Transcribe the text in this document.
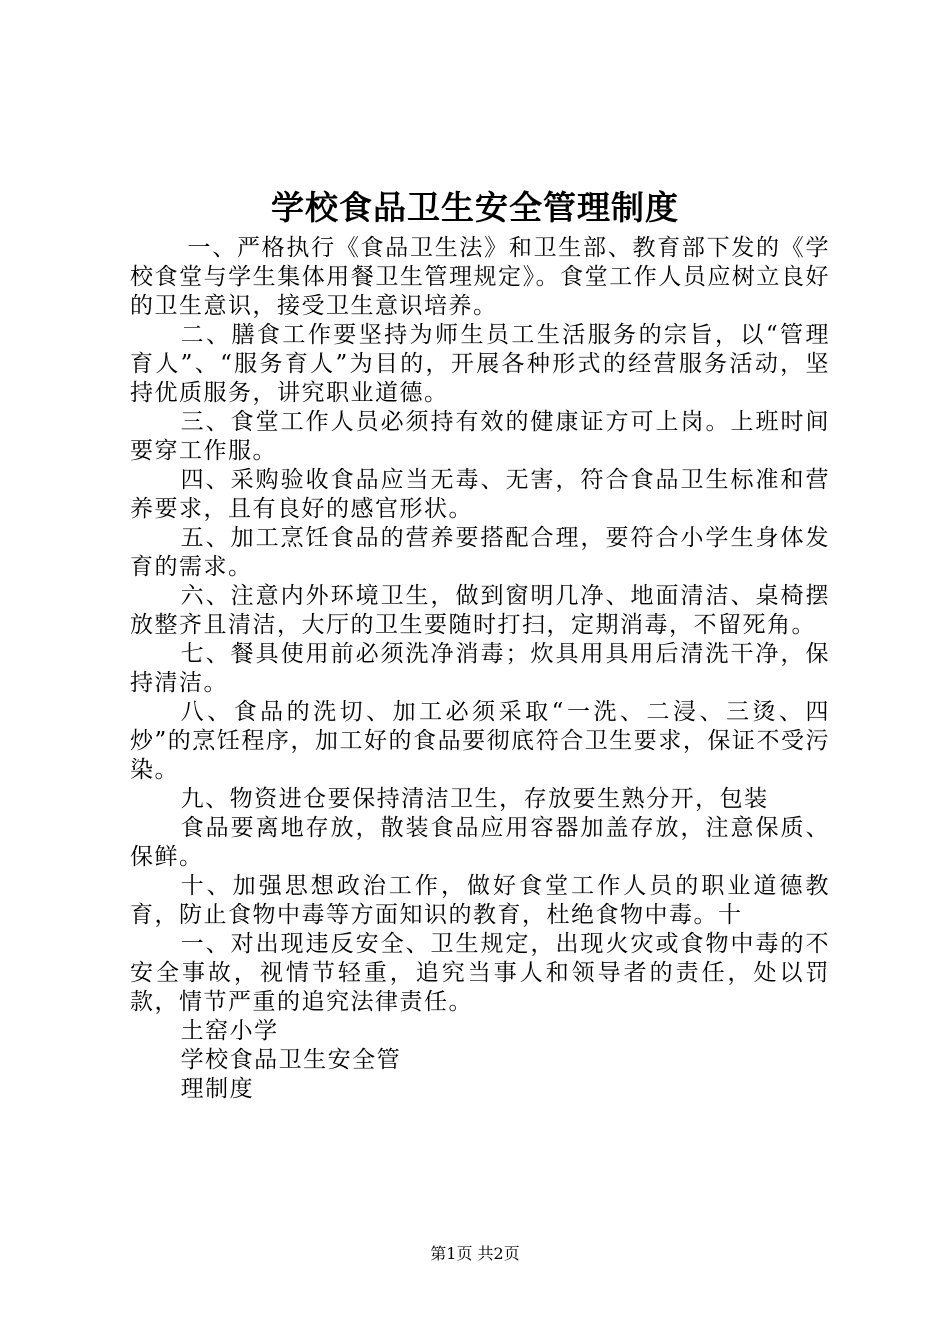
学校食品卫生安全管理制度

一、严格执行《食品卫生法》和卫生部、教育部下发的《学校食堂与学生集体用餐卫生管理规定》。食堂工作人员应树立良好的卫生意识，接受卫生意识培养。

二、膳食工作要坚持为师生员工生活服务的宗旨，以“管理育人”、“服务育人”为目的，开展各种形式的经营服务活动，坚持优质服务，讲究职业道德。

三、食堂工作人员必须持有效的健康证方可上岗。上班时间要穿工作服。

四、采购验收食品应当无毒、无害，符合食品卫生标准和营养要求，且有良好的感官形状。

五、加工烹饪食品的营养要搭配合理，要符合小学生身体发育的需求。

六、注意内外环境卫生，做到窗明几净、地面清洁、桌椅摆放整齐且清洁，大厅的卫生要随时打扫，定期消毒，不留死角。

七、餐具使用前必须洗净消毒；炊具用具用后清洗干净，保持清洁。

八、食品的洗切、加工必须采取“一洗、二浸、三烫、四炒”的烹饪程序，加工好的食品要彻底符合卫生要求，保证不受污染。

九、物资进仓要保持清洁卫生，存放要生熟分开，包装

食品要离地存放，散装食品应用容器加盖存放，注意保质、保鲜。

十、加强思想政治工作，做好食堂工作人员的职业道德教育，防止食物中毒等方面知识的教育，杜绝食物中毒。十

一、对出现违反安全、卫生规定，出现火灾或食物中毒的不安全事故，视情节轻重，追究当事人和领导者的责任，处以罚款，情节严重的追究法律责任。

土窑小学

学校食品卫生安全管

理制度

第1页 共2页
